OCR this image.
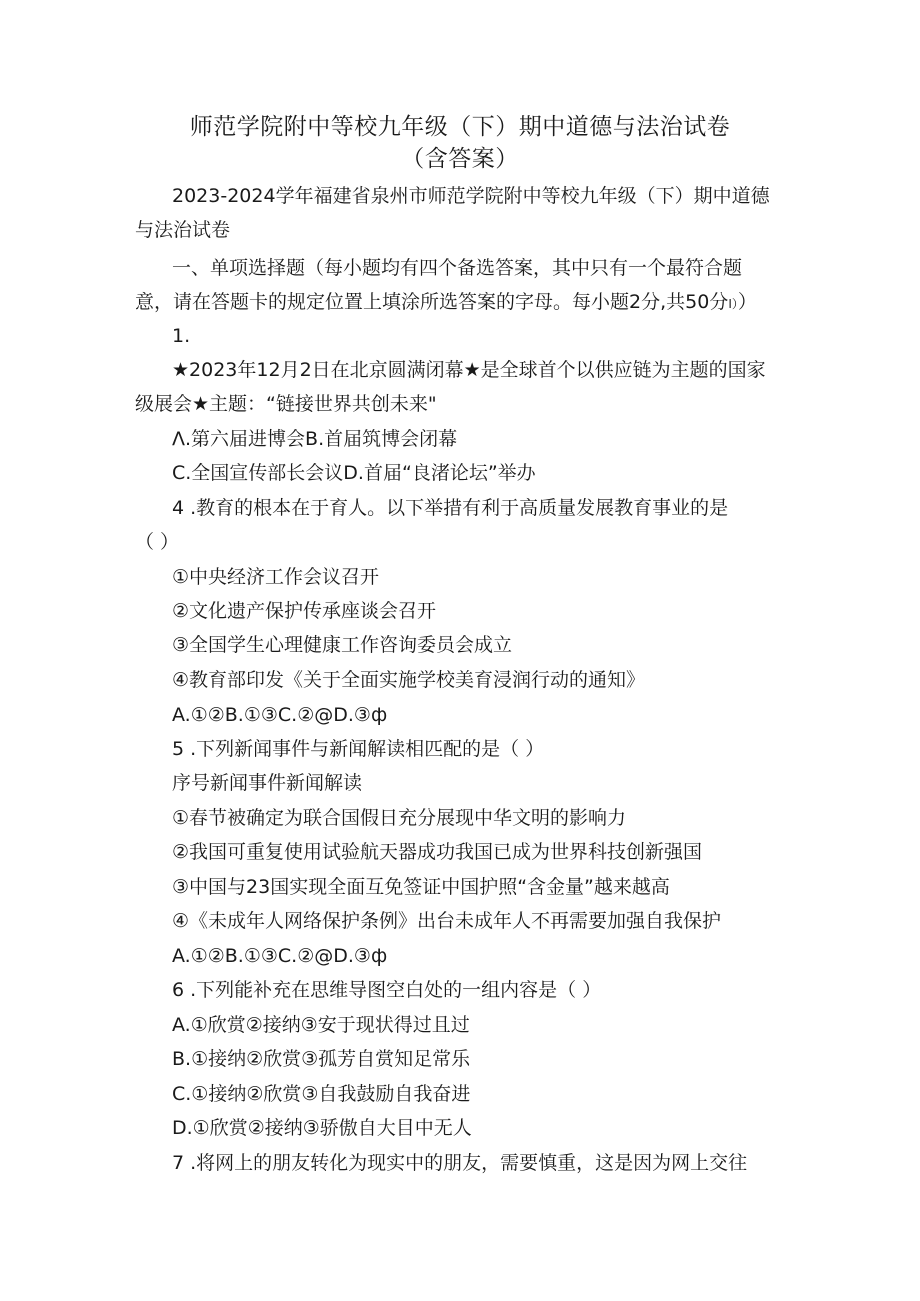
师范学院附中等校九年级（下）期中道德与法治试卷
（含答案）
2023-2024学年福建省泉州市师范学院附中等校九年级（下）期中道德
与法治试卷
一、单项选择题（每小题均有四个备选答案，其中只有一个最符合题
意，请在答题卡的规定位置上填涂所选答案的字母。每小题2分,共50分I））
1.
★2023年12月2日在北京圆满闭幕★是全球首个以供应链为主题的国家
级展会★主题：“链接世界共创未来"
Λ.第六届进博会B.首届筑博会闭幕
C.全国宣传部长会议D.首届“良渚论坛”举办
4 .教育的根本在于育人。以下举措有利于高质量发展教育事业的是
（ ）
①中央经济工作会议召开
②文化遗产保护传承座谈会召开
③全国学生心理健康工作咨询委员会成立
④教育部印发《关于全面实施学校美育浸润行动的通知》
A.①②B.①③C.②@D.③ф
5 .下列新闻事件与新闻解读相匹配的是（ ）
序号新闻事件新闻解读
①春节被确定为联合国假日充分展现中华文明的影响力
②我国可重复使用试验航天器成功我国已成为世界科技创新强国
③中国与23国实现全面互免签证中国护照“含金量”越来越高
④《未成年人网络保护条例》出台未成年人不再需要加强自我保护
A.①②B.①③C.②@D.③ф
6 .下列能补充在思维导图空白处的一组内容是（ ）
A.①欣赏②接纳③安于现状得过且过
B.①接纳②欣赏③孤芳自赏知足常乐
C.①接纳②欣赏③自我鼓励自我奋进
D.①欣赏②接纳③骄傲自大目中无人
7 .将网上的朋友转化为现实中的朋友，需要慎重，这是因为网上交往
